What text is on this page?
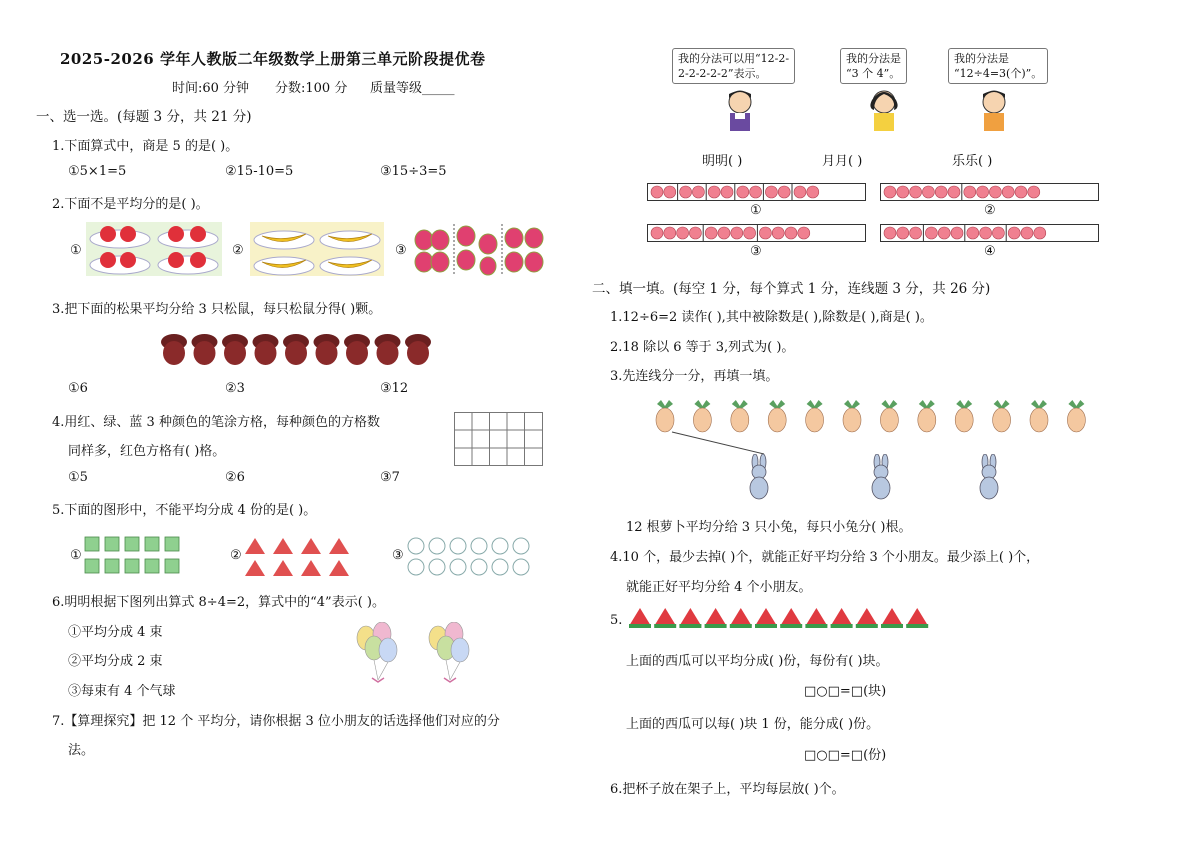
2025-2026 学年人教版二年级数学上册第三单元阶段提优卷
时间:60 分钟 分数:100 分 质量等级_____
一、选一选。(每题 3 分，共 21 分)
1.下面算式中，商是 5 的是( )。
①5×1=5	②15-10=5	③15÷3=5
2.下面不是平均分的是( )。
①	②	③
3.把下面的松果平均分给 3 只松鼠，每只松鼠分得( )颗。
①6	②3	③12
4.用红、绿、蓝 3 种颜色的笔涂方格，每种颜色的方格数
同样多，红色方格有( )格。
①5	②6	③7
5.下面的图形中，不能平均分成 4 份的是( )。
①	②	③
6.明明根据下图列出算式 8÷4=2，算式中的“4”表示( )。
①平均分成 4 束
②平均分成 2 束
③每束有 4 个气球
7.【算理探究】把 12 个 平均分，请你根据 3 位小朋友的话选择他们对应的分
法。
我的分法可以用“12-2-
2-2-2-2-2”表示。
我的分法是
“3 个 4”。
我的分法是
“12÷4=3(个)”。
明明( )	月月( )	乐乐( )
①	②
③	④
二、填一填。(每空 1 分，每个算式 1 分，连线题 3 分，共 26 分)
1.12÷6=2 读作( ),其中被除数是( ),除数是( ),商是( )。
2.18 除以 6 等于 3,列式为( )。
3.先连线分一分，再填一填。
12 根萝卜平均分给 3 只小兔，每只小兔分( )根。
4.10 个，最少去掉( )个，就能正好平均分给 3 个小朋友。最少添上( )个，
就能正好平均分给 4 个小朋友。
5.
上面的西瓜可以平均分成( )份，每份有( )块。
□○□=□(块)
上面的西瓜可以每( )块 1 份，能分成( )份。
□○□=□(份)
6.把杯子放在架子上，平均每层放( )个。
